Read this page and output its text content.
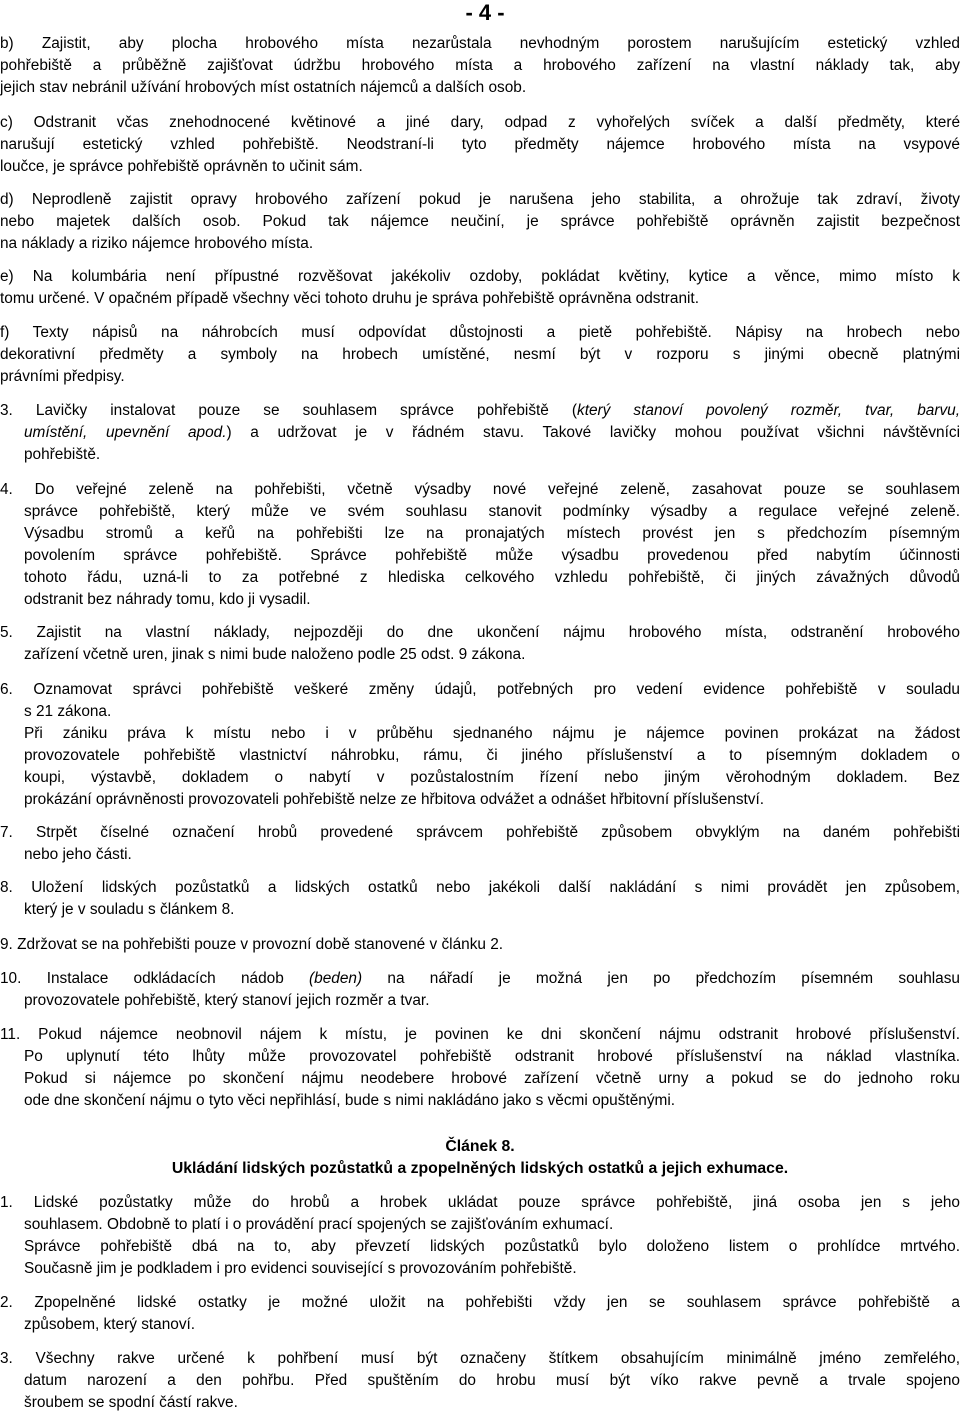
- 4 -
b) Zajistit, aby plocha hrobového místa nezarůstala nevhodným porostem narušujícím estetický vzhled
pohřebiště a průběžně zajišťovat údržbu hrobového místa a hrobového zařízení na vlastní náklady tak, aby
jejich stav nebránil užívání hrobových míst ostatních nájemců a dalších osob.
c) Odstranit včas znehodnocené květinové a jiné dary, odpad z vyhořelých svíček a další předměty, které
narušují estetický vzhled pohřebiště. Neodstraní-li tyto předměty nájemce hrobového místa na vsypové
loučce, je správce pohřebiště oprávněn to učinit sám.
d) Neprodleně zajistit opravy hrobového zařízení pokud je narušena jeho stabilita, a ohrožuje tak zdraví, životy
nebo majetek dalších osob. Pokud tak nájemce neučiní, je správce pohřebiště oprávněn zajistit bezpečnost
na náklady a riziko nájemce hrobového místa.
e) Na kolumbária není přípustné rozvěšovat jakékoliv ozdoby, pokládat květiny, kytice a věnce, mimo místo k
tomu určené. V opačném případě všechny věci tohoto druhu je správa pohřebiště oprávněna odstranit.
f) Texty nápisů na náhrobcích musí odpovídat důstojnosti a pietě pohřebiště. Nápisy na hrobech nebo
dekorativní předměty a symboly na hrobech umístěné, nesmí být v rozporu s jinými obecně platnými
právními předpisy.
3. Lavičky instalovat pouze se souhlasem správce pohřebiště (který stanoví povolený rozměr, tvar, barvu,
umístění, upevnění apod.) a udržovat je v řádném stavu. Takové lavičky mohou používat všichni návštěvníci
pohřebiště.
4. Do veřejné zeleně na pohřebišti, včetně výsadby nové veřejné zeleně, zasahovat pouze se souhlasem
správce pohřebiště, který může ve svém souhlasu stanovit podmínky výsadby a regulace veřejné zeleně.
Výsadbu stromů a keřů na pohřebišti lze na pronajatých místech provést jen s předchozím písemným
povolením správce pohřebiště. Správce pohřebiště může výsadbu provedenou před nabytím účinnosti
tohoto řádu, uzná-li to za potřebné z hlediska celkového vzhledu pohřebiště, či jiných závažných důvodů
odstranit bez náhrady tomu, kdo ji vysadil.
5. Zajistit na vlastní náklady, nejpozději do dne ukončení nájmu hrobového místa, odstranění hrobového
zařízení včetně uren, jinak s nimi bude naloženo podle 25 odst. 9 zákona.
6. Oznamovat správci pohřebiště veškeré změny údajů, potřebných pro vedení evidence pohřebiště v souladu
s 21 zákona.
Při zániku práva k místu nebo i v průběhu sjednaného nájmu je nájemce povinen prokázat na žádost
provozovatele pohřebiště vlastnictví náhrobku, rámu, či jiného příslušenství a to písemným dokladem o
koupi, výstavbě, dokladem o nabytí v pozůstalostním řízení nebo jiným věrohodným dokladem. Bez
prokázání oprávněnosti provozovateli pohřebiště nelze ze hřbitova odvážet a odnášet hřbitovní příslušenství.
7. Strpět číselné označení hrobů provedené správcem pohřebiště způsobem obvyklým na daném pohřebišti
nebo jeho části.
8. Uložení lidských pozůstatků a lidských ostatků nebo jakékoli další nakládání s nimi provádět jen způsobem,
který je v souladu s článkem 8.
9. Zdržovat se na pohřebišti pouze v provozní době stanovené v článku 2.
10. Instalace odkládacích nádob (beden) na nářadí je možná jen po předchozím písemném souhlasu
provozovatele pohřebiště, který stanoví jejich rozměr a tvar.
11. Pokud nájemce neobnovil nájem k místu, je povinen ke dni skončení nájmu odstranit hrobové příslušenství.
Po uplynutí této lhůty může provozovatel pohřebiště odstranit hrobové příslušenství na náklad vlastníka.
Pokud si nájemce po skončení nájmu neodebere hrobové zařízení včetně urny a pokud se do jednoho roku
ode dne skončení nájmu o tyto věci nepřihlásí, bude s nimi nakládáno jako s věcmi opuštěnými.
Článek 8.
Ukládání lidských pozůstatků a zpopelněných lidských ostatků a jejich exhumace.
1. Lidské pozůstatky může do hrobů a hrobek ukládat pouze správce pohřebiště, jiná osoba jen s jeho
souhlasem. Obdobně to platí i o provádění prací spojených se zajišťováním exhumací.
Správce pohřebiště dbá na to, aby převzetí lidských pozůstatků bylo doloženo listem o prohlídce mrtvého.
Současně jim je podkladem i pro evidenci související s provozováním pohřebiště.
2. Zpopelněné lidské ostatky je možné uložit na pohřebišti vždy jen se souhlasem správce pohřebiště a
způsobem, který stanoví.
3. Všechny rakve určené k pohřbení musí být označeny štítkem obsahujícím minimálně jméno zemřelého,
datum narození a den pohřbu. Před spuštěním do hrobu musí být víko rakve pevně a trvale spojeno
šroubem se spodní částí rakve.
